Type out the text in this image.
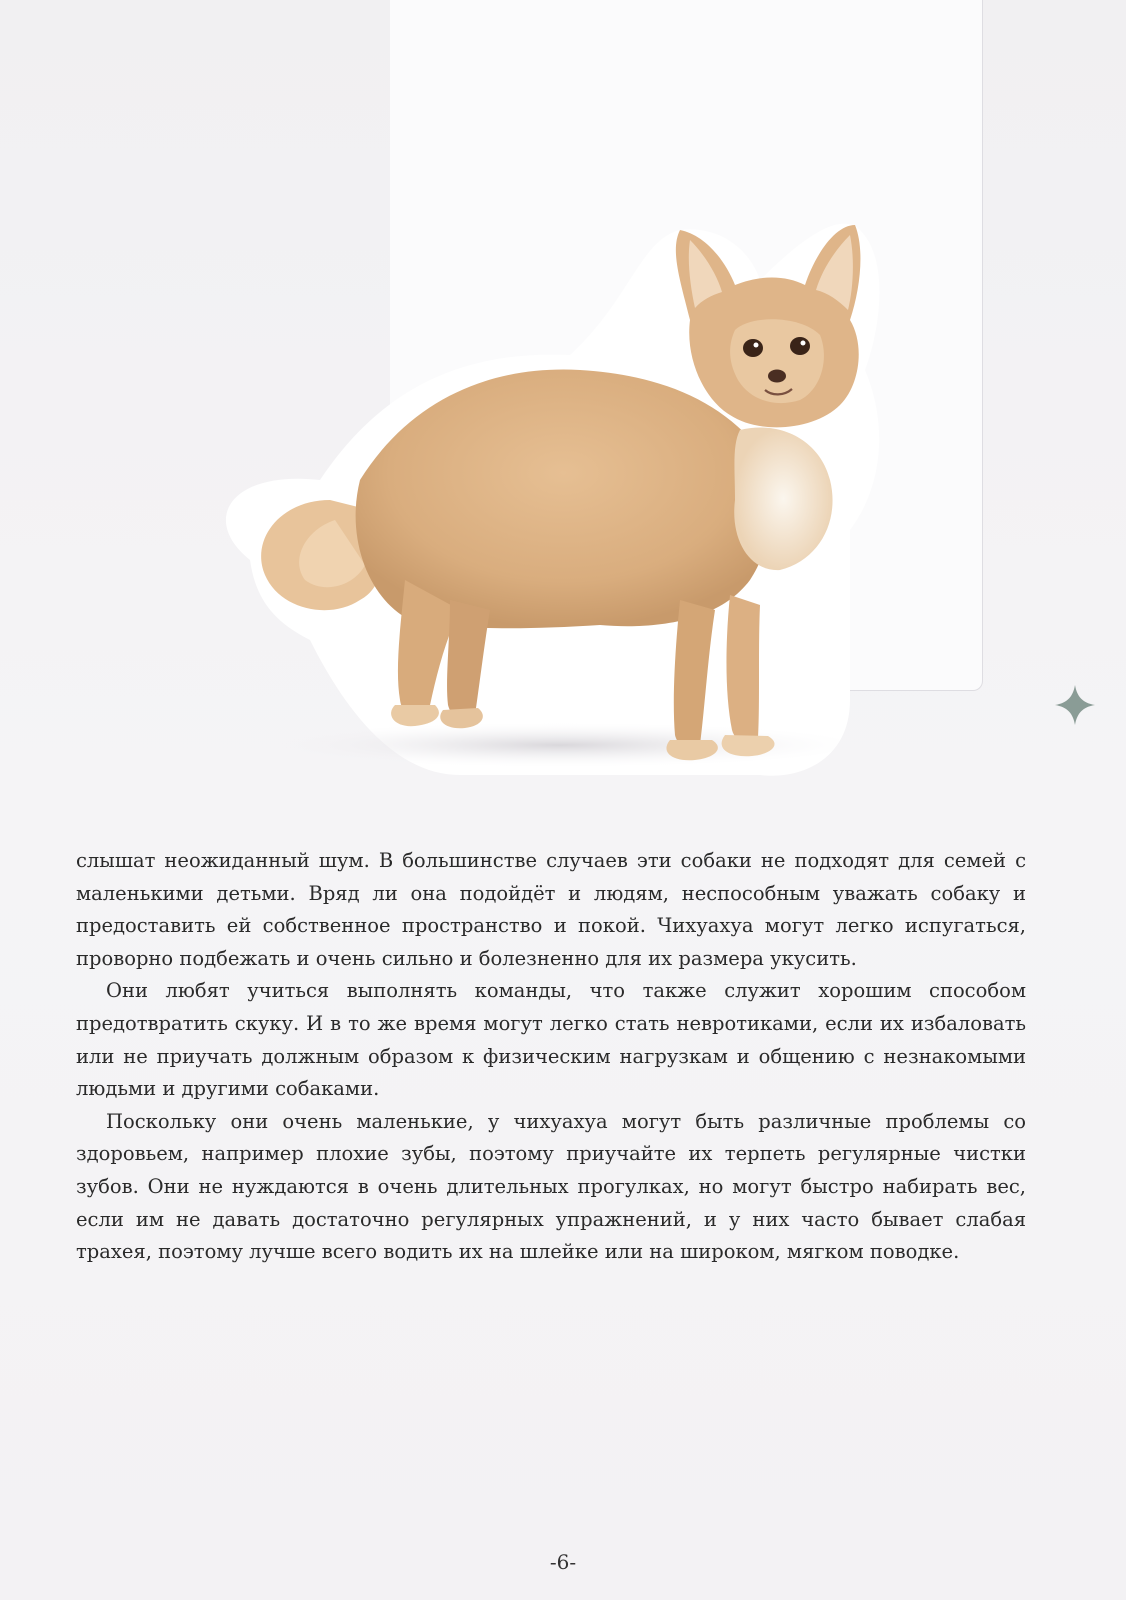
слышат неожиданный шум. В большинстве случаев эти собаки не подходят для семей с маленькими детьми. Вряд ли она подойдёт и людям, неспособным уважать собаку и предоставить ей собственное пространство и покой. Чихуахуа могут легко испугаться, проворно подбежать и очень сильно и болезненно для их размера укусить.

Они любят учиться выполнять команды, что также служит хорошим способом предотвратить скуку. И в то же время могут легко стать невротиками, если их избаловать или не приучать должным образом к физическим нагрузкам и общению с незнакомыми людьми и другими собаками.

Поскольку они очень маленькие, у чихуахуа могут быть различные проблемы со здоровьем, например плохие зубы, поэтому приучайте их терпеть регулярные чистки зубов. Они не нуждаются в очень длительных прогулках, но могут быстро набирать вес, если им не давать достаточно регулярных упражнений, и у них часто бывает слабая трахея, поэтому лучше всего водить их на шлейке или на широком, мягком поводке.

-6-
